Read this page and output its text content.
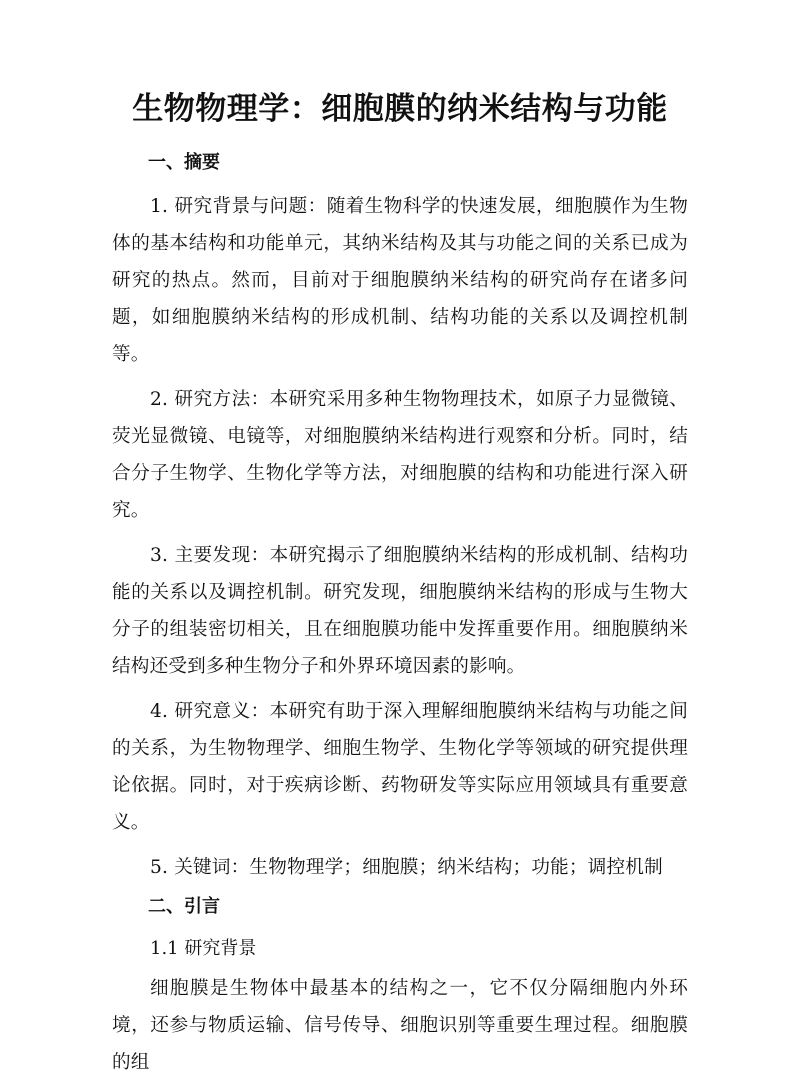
生物物理学：细胞膜的纳米结构与功能
一、摘要

1. 研究背景与问题：随着生物科学的快速发展，细胞膜作为生物体的基本结构和功能单元，其纳米结构及其与功能之间的关系已成为研究的热点。然而，目前对于细胞膜纳米结构的研究尚存在诸多问题，如细胞膜纳米结构的形成机制、结构功能的关系以及调控机制等。

2. 研究方法：本研究采用多种生物物理技术，如原子力显微镜、荧光显微镜、电镜等，对细胞膜纳米结构进行观察和分析。同时，结合分子生物学、生物化学等方法，对细胞膜的结构和功能进行深入研究。

3. 主要发现：本研究揭示了细胞膜纳米结构的形成机制、结构功能的关系以及调控机制。研究发现，细胞膜纳米结构的形成与生物大分子的组装密切相关，且在细胞膜功能中发挥重要作用。细胞膜纳米结构还受到多种生物分子和外界环境因素的影响。

4. 研究意义：本研究有助于深入理解细胞膜纳米结构与功能之间的关系，为生物物理学、细胞生物学、生物化学等领域的研究提供理论依据。同时，对于疾病诊断、药物研发等实际应用领域具有重要意义。

5. 关键词：生物物理学；细胞膜；纳米结构；功能；调控机制

二、引言
1.1 研究背景

细胞膜是生物体中最基本的结构之一，它不仅分隔细胞内外环境，还参与物质运输、信号传导、细胞识别等重要生理过程。细胞膜的组
